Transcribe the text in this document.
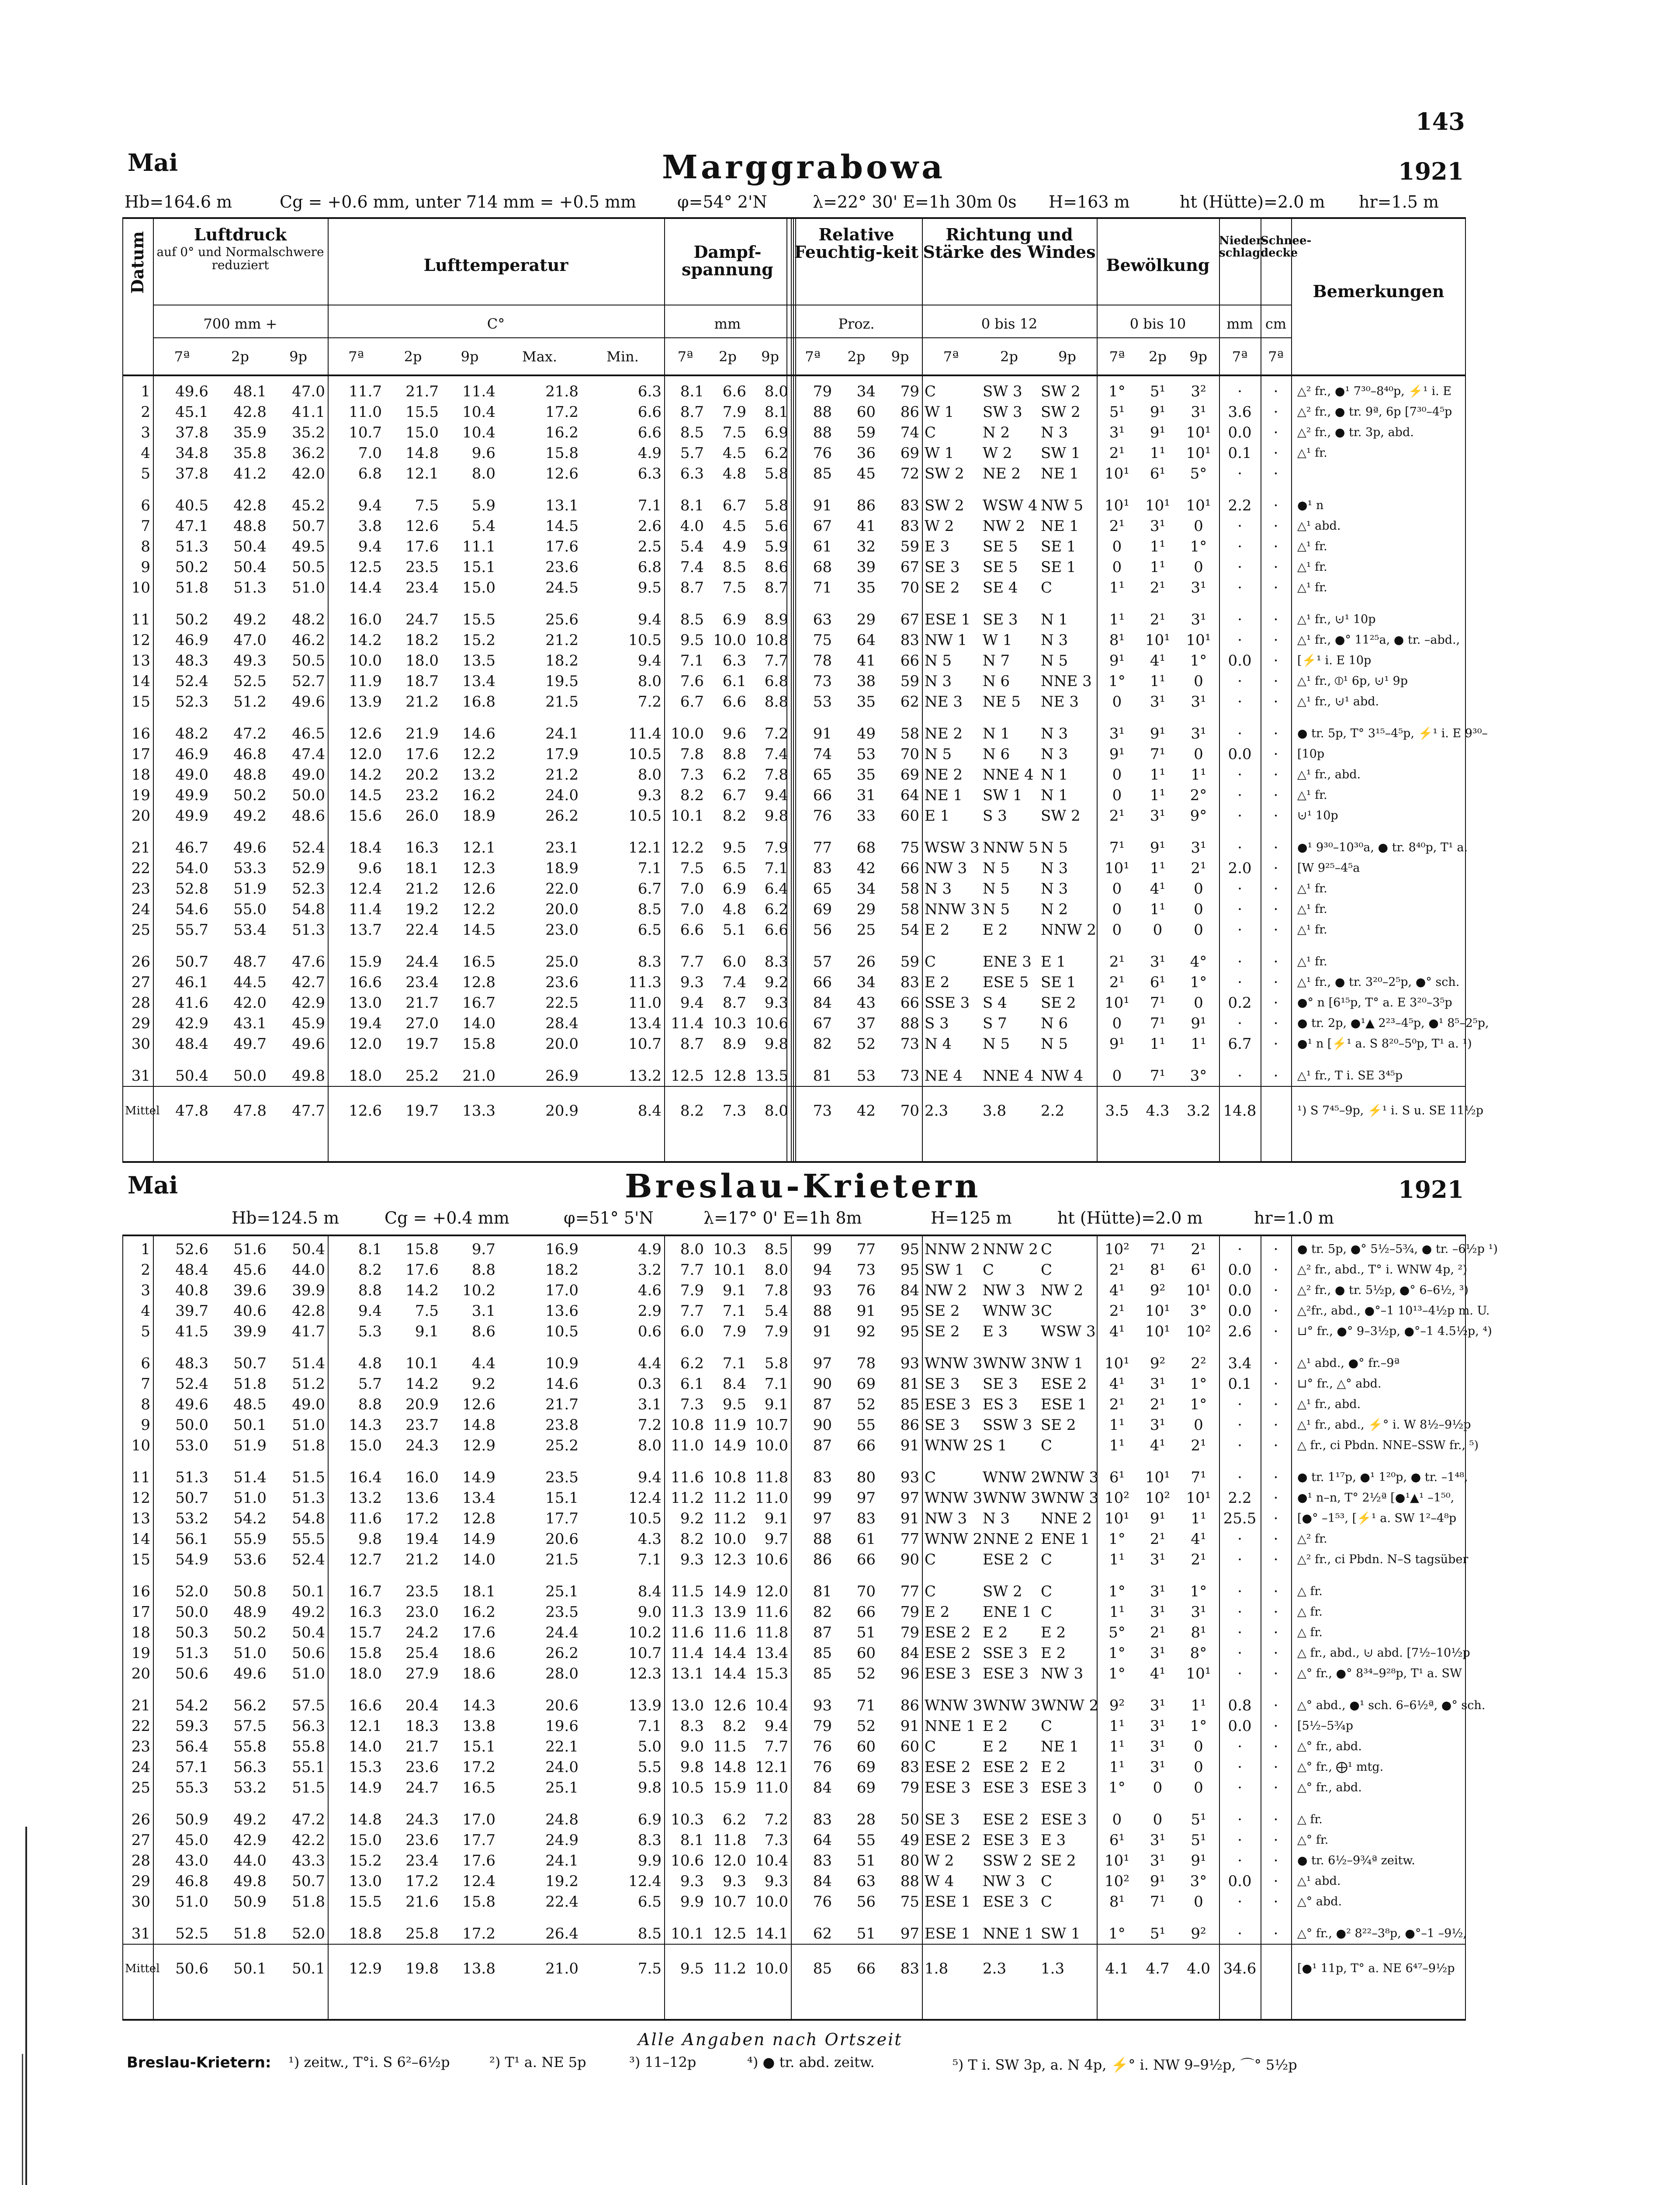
143
Mai	Marggrabowa	1921
Hb=164.6 m	Cg = +0.6 mm, unter 714 mm = +0.5 mm φ=54° 2'N	λ=22° 30' E=1h 30m 0s H=163 m	ht (Hütte)=2.0 m hr=1.5 m
Datum	Luftdruck
auf 0° und Normalschwere reduziert
700 mm +
Lufttemperatur
C°
Dampf-spannung
mm
Relative Feuchtig-keit
Proz.
Richtung und Stärke des Windes
0 bis 12
Bewölkung
0 bis 10
Nieder-schlag
mm
Schnee-decke
cm
Bemerkungen
7ª	2p	9p	7ª	2p	9p	Max.	Min.	7ª	2p	9p	7ª	2p	9p	7ª	2p	9p	7ª	2p	9p	7ª	7ª
1	49.6	48.1	47.0	11.7	21.7	11.4	21.8	6.3	8.1	6.6	8.0	79	34	79	C	SW 3	SW 2	1°	5¹	3²	·	·	△² fr., ●¹ 7³⁰–8⁴⁰p, ⚡¹ i. E
2	45.1	42.8	41.1	11.0	15.5	10.4	17.2	6.6	8.7	7.9	8.1	88	60	86	W 1	SW 3	SW 2	5¹	9¹	3¹	3.6	·	△² fr., ● tr. 9ª, 6p [7³⁰–4⁵p
3	37.8	35.9	35.2	10.7	15.0	10.4	16.2	6.6	8.5	7.5	6.9	88	59	74	C	N 2	N 3	3¹	9¹	10¹	0.0	·	△² fr., ● tr. 3p, abd.
4	34.8	35.8	36.2	7.0	14.8	9.6	15.8	4.9	5.7	4.5	6.2	76	36	69	W 1	W 2	SW 1	2¹	1¹	10¹	0.1	·	△¹ fr.
5	37.8	41.2	42.0	6.8	12.1	8.0	12.6	6.3	6.3	4.8	5.8	85	45	72	SW 2	NE 2	NE 1	10¹	6¹	5°	·	·	

6	40.5	42.8	45.2	9.4	7.5	5.9	13.1	7.1	8.1	6.7	5.8	91	86	83	SW 2	WSW 4	NW 5	10¹	10¹	10¹	2.2	·	●¹ n
7	47.1	48.8	50.7	3.8	12.6	5.4	14.5	2.6	4.0	4.5	5.6	67	41	83	W 2	NW 2	NE 1	2¹	3¹	0	·	·	△¹ abd.
8	51.3	50.4	49.5	9.4	17.6	11.1	17.6	2.5	5.4	4.9	5.9	61	32	59	E 3	SE 5	SE 1	0	1¹	1°	·	·	△¹ fr.
9	50.2	50.4	50.5	12.5	23.5	15.1	23.6	6.8	7.4	8.5	8.6	68	39	67	SE 3	SE 5	SE 1	0	1¹	0	·	·	△¹ fr.
10	51.8	51.3	51.0	14.4	23.4	15.0	24.5	9.5	8.7	7.5	8.7	71	35	70	SE 2	SE 4	C	1¹	2¹	3¹	·	·	△¹ fr.

11	50.2	49.2	48.2	16.0	24.7	15.5	25.6	9.4	8.5	6.9	8.9	63	29	67	ESE 1	SE 3	N 1	1¹	2¹	3¹	·	·	△¹ fr., ⊍¹ 10p
12	46.9	47.0	46.2	14.2	18.2	15.2	21.2	10.5	9.5	10.0	10.8	75	64	83	NW 1	W 1	N 3	8¹	10¹	10¹	·	·	△¹ fr., ●° 11²⁵a, ● tr. –abd.,
13	48.3	49.3	50.5	10.0	18.0	13.5	18.2	9.4	7.1	6.3	7.7	78	41	66	N 5	N 7	N 5	9¹	4¹	1°	0.0	·	[⚡¹ i. E 10p
14	52.4	52.5	52.7	11.9	18.7	13.4	19.5	8.0	7.6	6.1	6.8	73	38	59	N 3	N 6	NNE 3	1°	1¹	0	·	·	△¹ fr., ⦶¹ 6p, ⊍¹ 9p
15	52.3	51.2	49.6	13.9	21.2	16.8	21.5	7.2	6.7	6.6	8.8	53	35	62	NE 3	NE 5	NE 3	0	3¹	3¹	·	·	△¹ fr., ⊍¹ abd.

16	48.2	47.2	46.5	12.6	21.9	14.6	24.1	11.4	10.0	9.6	7.2	91	49	58	NE 2	N 1	N 3	3¹	9¹	3¹	·	·	● tr. 5p, T° 3¹⁵–4⁵p, ⚡¹ i. E 9³⁰–
17	46.9	46.8	47.4	12.0	17.6	12.2	17.9	10.5	7.8	8.8	7.4	74	53	70	N 5	N 6	N 3	9¹	7¹	0	0.0	·	[10p
18	49.0	48.8	49.0	14.2	20.2	13.2	21.2	8.0	7.3	6.2	7.8	65	35	69	NE 2	NNE 4	N 1	0	1¹	1¹	·	·	△¹ fr., abd.
19	49.9	50.2	50.0	14.5	23.2	16.2	24.0	9.3	8.2	6.7	9.4	66	31	64	NE 1	SW 1	N 1	0	1¹	2°	·	·	△¹ fr.
20	49.9	49.2	48.6	15.6	26.0	18.9	26.2	10.5	10.1	8.2	9.8	76	33	60	E 1	S 3	SW 2	2¹	3¹	9°	·	·	⊍¹ 10p

21	46.7	49.6	52.4	18.4	16.3	12.1	23.1	12.1	12.2	9.5	7.9	77	68	75	WSW 3	NNW 5	N 5	7¹	9¹	3¹	·	·	●¹ 9³⁰–10³⁰a, ● tr. 8⁴⁰p, T¹ a.
22	54.0	53.3	52.9	9.6	18.1	12.3	18.9	7.1	7.5	6.5	7.1	83	42	66	NW 3	N 5	N 3	10¹	1¹	2¹	2.0	·	[W 9²⁵–4⁵a
23	52.8	51.9	52.3	12.4	21.2	12.6	22.0	6.7	7.0	6.9	6.4	65	34	58	N 3	N 5	N 3	0	4¹	0	·	·	△¹ fr.
24	54.6	55.0	54.8	11.4	19.2	12.2	20.0	8.5	7.0	4.8	6.2	69	29	58	NNW 3	N 5	N 2	0	1¹	0	·	·	△¹ fr.
25	55.7	53.4	51.3	13.7	22.4	14.5	23.0	6.5	6.6	5.1	6.6	56	25	54	E 2	E 2	NNW 2	0	0	0	·	·	△¹ fr.

26	50.7	48.7	47.6	15.9	24.4	16.5	25.0	8.3	7.7	6.0	8.3	57	26	59	C	ENE 3	E 1	2¹	3¹	4°	·	·	△¹ fr.
27	46.1	44.5	42.7	16.6	23.4	12.8	23.6	11.3	9.3	7.4	9.2	66	34	83	E 2	ESE 5	SE 1	2¹	6¹	1°	·	·	△¹ fr., ● tr. 3²⁰–2⁵p, ●° sch.
28	41.6	42.0	42.9	13.0	21.7	16.7	22.5	11.0	9.4	8.7	9.3	84	43	66	SSE 3	S 4	SE 2	10¹	7¹	0	0.2	·	●° n [6¹⁵p, T° a. E 3²⁰–3⁵p
29	42.9	43.1	45.9	19.4	27.0	14.0	28.4	13.4	11.4	10.3	10.6	67	37	88	S 3	S 7	N 6	0	7¹	9¹	·	·	● tr. 2p, ●¹▲ 2²³–4⁵p, ●¹ 8⁵–2⁵p,
30	48.4	49.7	49.6	12.0	19.7	15.8	20.0	10.7	8.7	8.9	9.8	82	52	73	N 4	N 5	N 5	9¹	1¹	1¹	6.7	·	●¹ n [⚡¹ a. S 8²⁰–5⁰p, T¹ a. ¹)

31	50.4	50.0	49.8	18.0	25.2	21.0	26.9	13.2	12.5	12.8	13.5	81	53	73	NE 4	NNE 4	NW 4	0	7¹	3°	·	·	△¹ fr., T i. SE 3⁴⁵p
Mittel	47.8	47.8	47.7	12.6	19.7	13.3	20.9	8.4	8.2	7.3	8.0	73	42	70	2.3	3.8	2.2	3.5	4.3	3.2	14.8		¹) S 7⁴⁵–9p, ⚡¹ i. S u. SE 11½p
Mai	Breslau-Krietern	1921
Hb=124.5 m	Cg = +0.4 mm	φ=51° 5'N	λ=17° 0' E=1h 8m	H=125 m	ht (Hütte)=2.0 m	hr=1.0 m
1	52.6	51.6	50.4	8.1	15.8	9.7	16.9	4.9	8.0	10.3	8.5	99	77	95	NNW 2	NNW 2	C	10²	7¹	2¹	·	·	● tr. 5p, ●° 5½–5¾, ● tr. –6½p ¹)
2	48.4	45.6	44.0	8.2	17.6	8.8	18.2	3.2	7.7	10.1	8.0	94	73	95	SW 1	C	C	2¹	8¹	6¹	0.0	·	△² fr., abd., T° i. WNW 4p, ²)
3	40.8	39.6	39.9	8.8	14.2	10.2	17.0	4.6	7.9	9.1	7.8	93	76	84	NW 2	NW 3	NW 2	4¹	9²	10¹	0.0	·	△² fr., ● tr. 5½p, ●° 6–6½, ³)
4	39.7	40.6	42.8	9.4	7.5	3.1	13.6	2.9	7.7	7.1	5.4	88	91	95	SE 2	WNW 3	C	2¹	10¹	3°	0.0	·	△²fr., abd., ●°–1 10¹³–4½p m. U.
5	41.5	39.9	41.7	5.3	9.1	8.6	10.5	0.6	6.0	7.9	7.9	91	92	95	SE 2	E 3	WSW 3	4¹	10¹	10²	2.6	·	⊔° fr., ●° 9–3½p, ●°–1 4.5½p, ⁴)

6	48.3	50.7	51.4	4.8	10.1	4.4	10.9	4.4	6.2	7.1	5.8	97	78	93	WNW 3	WNW 3	NW 1	10¹	9²	2²	3.4	·	△¹ abd., ●° fr.–9ª
7	52.4	51.8	51.2	5.7	14.2	9.2	14.6	0.3	6.1	8.4	7.1	90	69	81	SE 3	SE 3	ESE 2	4¹	3¹	1°	0.1	·	⊔° fr., △° abd.
8	49.6	48.5	49.0	8.8	20.9	12.6	21.7	3.1	7.3	9.5	9.1	87	52	85	ESE 3	ES 3	ESE 1	2¹	2¹	1°	·	·	△¹ fr., abd.
9	50.0	50.1	51.0	14.3	23.7	14.8	23.8	7.2	10.8	11.9	10.7	90	55	86	SE 3	SSW 3	SE 2	1¹	3¹	0	·	·	△¹ fr., abd., ⚡° i. W 8½–9½p
10	53.0	51.9	51.8	15.0	24.3	12.9	25.2	8.0	11.0	14.9	10.0	87	66	91	WNW 2	S 1	C	1¹	4¹	2¹	·	·	△ fr., ci Pbdn. NNE–SSW fr., ⁵)

11	51.3	51.4	51.5	16.4	16.0	14.9	23.5	9.4	11.6	10.8	11.8	83	80	93	C	WNW 2	WNW 3	6¹	10¹	7¹	·	·	● tr. 1¹⁷p, ●¹ 1²⁰p, ● tr. –1⁴⁸,
12	50.7	51.0	51.3	13.2	13.6	13.4	15.1	12.4	11.2	11.2	11.0	99	97	97	WNW 3	WNW 3	WNW 3	10²	10²	10¹	2.2	·	●¹ n–n, T° 2½ª [●¹▲¹ –1⁵⁰,
13	53.2	54.2	54.8	11.6	17.2	12.8	17.7	10.5	9.2	11.2	9.1	97	83	91	NW 3	N 3	NNE 2	10¹	9¹	1¹	25.5	·	[●° –1⁵³, [⚡¹ a. SW 1²–4⁸p
14	56.1	55.9	55.5	9.8	19.4	14.9	20.6	4.3	8.2	10.0	9.7	88	61	77	WNW 2	NNE 2	ENE 1	1°	2¹	4¹	·	·	△² fr.
15	54.9	53.6	52.4	12.7	21.2	14.0	21.5	7.1	9.3	12.3	10.6	86	66	90	C	ESE 2	C	1¹	3¹	2¹	·	·	△² fr., ci Pbdn. N–S tagsüber

16	52.0	50.8	50.1	16.7	23.5	18.1	25.1	8.4	11.5	14.9	12.0	81	70	77	C	SW 2	C	1°	3¹	1°	·	·	△ fr.
17	50.0	48.9	49.2	16.3	23.0	16.2	23.5	9.0	11.3	13.9	11.6	82	66	79	E 2	ENE 1	C	1¹	3¹	3¹	·	·	△ fr.
18	50.3	50.2	50.4	15.7	24.2	17.6	24.4	10.2	11.6	11.6	11.8	87	51	79	ESE 2	E 2	E 2	5°	2¹	8¹	·	·	△ fr.
19	51.3	51.0	50.6	15.8	25.4	18.6	26.2	10.7	11.4	14.4	13.4	85	60	84	ESE 2	SSE 3	E 2	1°	3¹	8°	·	·	△ fr., abd., ⊍ abd. [7½–10½p
20	50.6	49.6	51.0	18.0	27.9	18.6	28.0	12.3	13.1	14.4	15.3	85	52	96	ESE 3	ESE 3	NW 3	1°	4¹	10¹	·	·	△° fr., ●° 8³⁴–9²⁸p, T¹ a. SW

21	54.2	56.2	57.5	16.6	20.4	14.3	20.6	13.9	13.0	12.6	10.4	93	71	86	WNW 3	WNW 3	WNW 2	9²	3¹	1¹	0.8	·	△° abd., ●¹ sch. 6–6½ª, ●° sch.
22	59.3	57.5	56.3	12.1	18.3	13.8	19.6	7.1	8.3	8.2	9.4	79	52	91	NNE 1	E 2	C	1¹	3¹	1°	0.0	·	[5½–5¾p
23	56.4	55.8	55.8	14.0	21.7	15.1	22.1	5.0	9.0	11.5	7.7	76	60	60	C	E 2	NE 1	1¹	3¹	0	·	·	△° fr., abd.
24	57.1	56.3	55.1	15.3	23.6	17.2	24.0	5.5	9.8	14.8	12.1	76	69	83	ESE 2	ESE 2	E 2	1¹	3¹	0	·	·	△° fr., ⨁¹ mtg.
25	55.3	53.2	51.5	14.9	24.7	16.5	25.1	9.8	10.5	15.9	11.0	84	69	79	ESE 3	ESE 3	ESE 3	1°	0	0	·	·	△° fr., abd.

26	50.9	49.2	47.2	14.8	24.3	17.0	24.8	6.9	10.3	6.2	7.2	83	28	50	SE 3	ESE 2	ESE 3	0	0	5¹	·	·	△ fr.
27	45.0	42.9	42.2	15.0	23.6	17.7	24.9	8.3	8.1	11.8	7.3	64	55	49	ESE 2	ESE 3	E 3	6¹	3¹	5¹	·	·	△° fr.
28	43.0	44.0	43.3	15.2	23.4	17.6	24.1	9.9	10.6	12.0	10.4	83	51	80	W 2	SSW 2	SE 2	10¹	3¹	9¹	·	·	● tr. 6½–9¾ª zeitw.
29	46.8	49.8	50.7	13.0	17.2	12.4	19.2	12.4	9.3	9.3	9.3	84	63	88	W 4	NW 3	C	10²	9¹	3°	0.0	·	△¹ abd.
30	51.0	50.9	51.8	15.5	21.6	15.8	22.4	6.5	9.9	10.7	10.0	76	56	75	ESE 1	ESE 3	C	8¹	7¹	0	·	·	△° abd.

31	52.5	51.8	52.0	18.8	25.8	17.2	26.4	8.5	10.1	12.5	14.1	62	51	97	ESE 1	NNE 1	SW 1	1°	5¹	9²	·	·	△° fr., ●² 8²²–3⁸p, ●°–1 –9½,
Mittel	50.6	50.1	50.1	12.9	19.8	13.8	21.0	7.5	9.5	11.2	10.0	85	66	83	1.8	2.3	1.3	4.1	4.7	4.0	34.6		[●¹ 11p, T° a. NE 6⁴⁷–9½p
Alle Angaben nach Ortszeit
Breslau-Krietern: ¹) zeitw., T°i. S 6²–6½p	²) T¹ a. NE 5p	³) 11–12p	⁴) ● tr. abd. zeitw.	⁵) T i. SW 3p, a. N 4p, ⚡° i. NW 9–9½p, ⌒° 5½p
